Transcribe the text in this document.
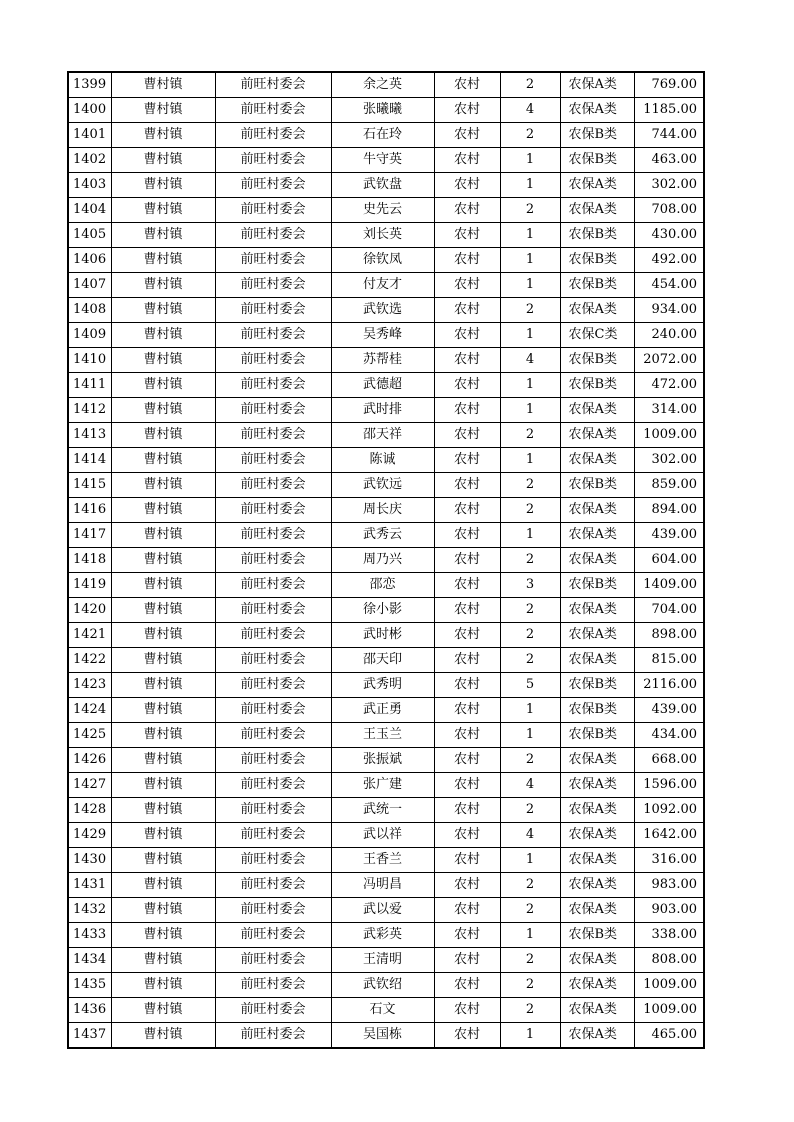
1399	曹村镇	前旺村委会	余之英	农村	2	农保A类	769.00
1400	曹村镇	前旺村委会	张曦曦	农村	4	农保A类	1185.00
1401	曹村镇	前旺村委会	石在玲	农村	2	农保B类	744.00
1402	曹村镇	前旺村委会	牛守英	农村	1	农保B类	463.00
1403	曹村镇	前旺村委会	武钦盘	农村	1	农保A类	302.00
1404	曹村镇	前旺村委会	史先云	农村	2	农保A类	708.00
1405	曹村镇	前旺村委会	刘长英	农村	1	农保B类	430.00
1406	曹村镇	前旺村委会	徐钦凤	农村	1	农保B类	492.00
1407	曹村镇	前旺村委会	付友才	农村	1	农保B类	454.00
1408	曹村镇	前旺村委会	武钦选	农村	2	农保A类	934.00
1409	曹村镇	前旺村委会	吴秀峰	农村	1	农保C类	240.00
1410	曹村镇	前旺村委会	苏帮桂	农村	4	农保B类	2072.00
1411	曹村镇	前旺村委会	武德超	农村	1	农保B类	472.00
1412	曹村镇	前旺村委会	武时排	农村	1	农保A类	314.00
1413	曹村镇	前旺村委会	邵天祥	农村	2	农保A类	1009.00
1414	曹村镇	前旺村委会	陈诚	农村	1	农保A类	302.00
1415	曹村镇	前旺村委会	武钦远	农村	2	农保B类	859.00
1416	曹村镇	前旺村委会	周长庆	农村	2	农保A类	894.00
1417	曹村镇	前旺村委会	武秀云	农村	1	农保A类	439.00
1418	曹村镇	前旺村委会	周乃兴	农村	2	农保A类	604.00
1419	曹村镇	前旺村委会	邵恋	农村	3	农保B类	1409.00
1420	曹村镇	前旺村委会	徐小影	农村	2	农保A类	704.00
1421	曹村镇	前旺村委会	武时彬	农村	2	农保A类	898.00
1422	曹村镇	前旺村委会	邵天印	农村	2	农保A类	815.00
1423	曹村镇	前旺村委会	武秀明	农村	5	农保B类	2116.00
1424	曹村镇	前旺村委会	武正勇	农村	1	农保B类	439.00
1425	曹村镇	前旺村委会	王玉兰	农村	1	农保B类	434.00
1426	曹村镇	前旺村委会	张振斌	农村	2	农保A类	668.00
1427	曹村镇	前旺村委会	张广建	农村	4	农保A类	1596.00
1428	曹村镇	前旺村委会	武统一	农村	2	农保A类	1092.00
1429	曹村镇	前旺村委会	武以祥	农村	4	农保A类	1642.00
1430	曹村镇	前旺村委会	王香兰	农村	1	农保A类	316.00
1431	曹村镇	前旺村委会	冯明昌	农村	2	农保A类	983.00
1432	曹村镇	前旺村委会	武以爱	农村	2	农保A类	903.00
1433	曹村镇	前旺村委会	武彩英	农村	1	农保B类	338.00
1434	曹村镇	前旺村委会	王清明	农村	2	农保A类	808.00
1435	曹村镇	前旺村委会	武钦绍	农村	2	农保A类	1009.00
1436	曹村镇	前旺村委会	石文	农村	2	农保A类	1009.00
1437	曹村镇	前旺村委会	吴国栋	农村	1	农保A类	465.00
